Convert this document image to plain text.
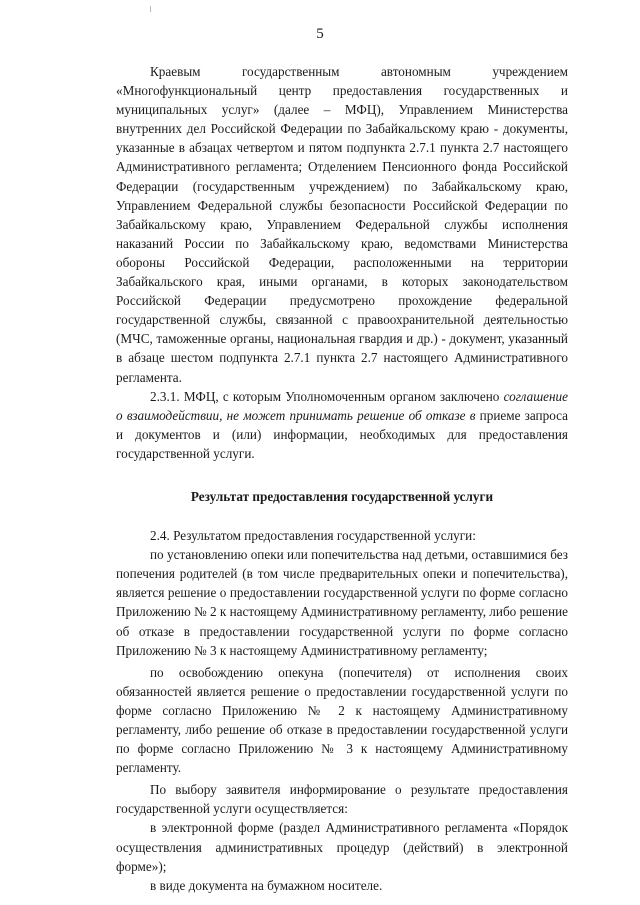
5

Краевым государственным автономным учреждением «Многофункциональный центр предоставления государственных и муниципальных услуг» (далее – МФЦ), Управлением Министерства внутренних дел Российской Федерации по Забайкальскому краю - документы, указанные в абзацах четвертом и пятом подпункта 2.7.1 пункта 2.7 настоящего Административного регламента; Отделением Пенсионного фонда Российской Федерации (государственным учреждением) по Забайкальскому краю, Управлением Федеральной службы безопасности Российской Федерации по Забайкальскому краю, Управлением Федеральной службы исполнения наказаний России по Забайкальскому краю, ведомствами Министерства обороны Российской Федерации, расположенными на территории Забайкальского края, иными органами, в которых законодательством Российской Федерации предусмотрено прохождение федеральной государственной службы, связанной с правоохранительной деятельностью (МЧС, таможенные органы, национальная гвардия и др.) - документ, указанный в абзаце шестом подпункта 2.7.1 пункта 2.7 настоящего Административного регламента.

2.3.1. МФЦ, с которым Уполномоченным органом заключено соглашение о взаимодействии, не может принимать решение об отказе в приеме запроса и документов и (или) информации, необходимых для предоставления государственной услуги.

Результат предоставления государственной услуги

2.4. Результатом предоставления государственной услуги:

по установлению опеки или попечительства над детьми, оставшимися без попечения родителей (в том числе предварительных опеки и попечительства), является решение о предоставлении государственной услуги по форме согласно Приложению № 2 к настоящему Административному регламенту, либо решение об отказе в предоставлении государственной услуги по форме согласно Приложению № 3 к настоящему Административному регламенту;

по освобождению опекуна (попечителя) от исполнения своих обязанностей является решение о предоставлении государственной услуги по форме согласно Приложению № 2 к настоящему Административному регламенту, либо решение об отказе в предоставлении государственной услуги по форме согласно Приложению № 3 к настоящему Административному регламенту.

По выбору заявителя информирование о результате предоставления государственной услуги осуществляется:

в электронной форме (раздел Административного регламента «Порядок осуществления административных процедур (действий) в электронной форме»);

в виде документа на бумажном носителе.
